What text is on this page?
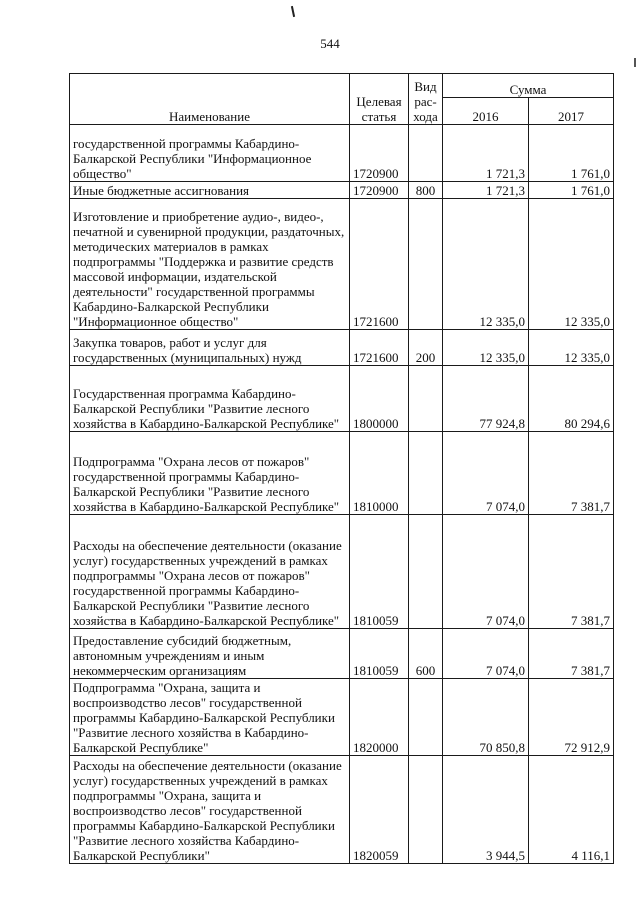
544
Наименование	Целевая статья	Вид рас- хода	Сумма	
			2016	2017
государственной программы Кабардино-Балкарской Республики "Информационное общество"	1720900		1 721,3	1 761,0
Иные бюджетные ассигнования	1720900	800	1 721,3	1 761,0
Изготовление и приобретение аудио-, видео-, печатной и сувенирной продукции, раздаточных, методических материалов в рамках подпрограммы "Поддержка и развитие средств массовой информации, издательской деятельности" государственной программы Кабардино-Балкарской Республики "Информационное общество"	1721600		12 335,0	12 335,0
Закупка товаров, работ и услуг для государственных (муниципальных) нужд	1721600	200	12 335,0	12 335,0
Государственная программа Кабардино-Балкарской Республики "Развитие лесного хозяйства в Кабардино-Балкарской Республике"	1800000		77 924,8	80 294,6
Подпрограмма "Охрана лесов от пожаров" государственной программы Кабардино-Балкарской Республики "Развитие лесного хозяйства в Кабардино-Балкарской Республике"	1810000		7 074,0	7 381,7
Расходы на обеспечение деятельности (оказание услуг) государственных учреждений в рамках подпрограммы "Охрана лесов от пожаров" государственной программы Кабардино-Балкарской Республики "Развитие лесного хозяйства в Кабардино-Балкарской Республике"	1810059		7 074,0	7 381,7
Предоставление субсидий бюджетным, автономным учреждениям и иным некоммерческим организациям	1810059	600	7 074,0	7 381,7
Подпрограмма "Охрана, защита и воспроизводство лесов" государственной программы Кабардино-Балкарской Республики "Развитие лесного хозяйства в Кабардино-Балкарской Республике"	1820000		70 850,8	72 912,9
Расходы на обеспечение деятельности (оказание услуг) государственных учреждений в рамках подпрограммы "Охрана, защита и воспроизводство лесов" государственной программы Кабардино-Балкарской Республики "Развитие лесного хозяйства Кабардино-Балкарской Республики"	1820059		3 944,5	4 116,1
